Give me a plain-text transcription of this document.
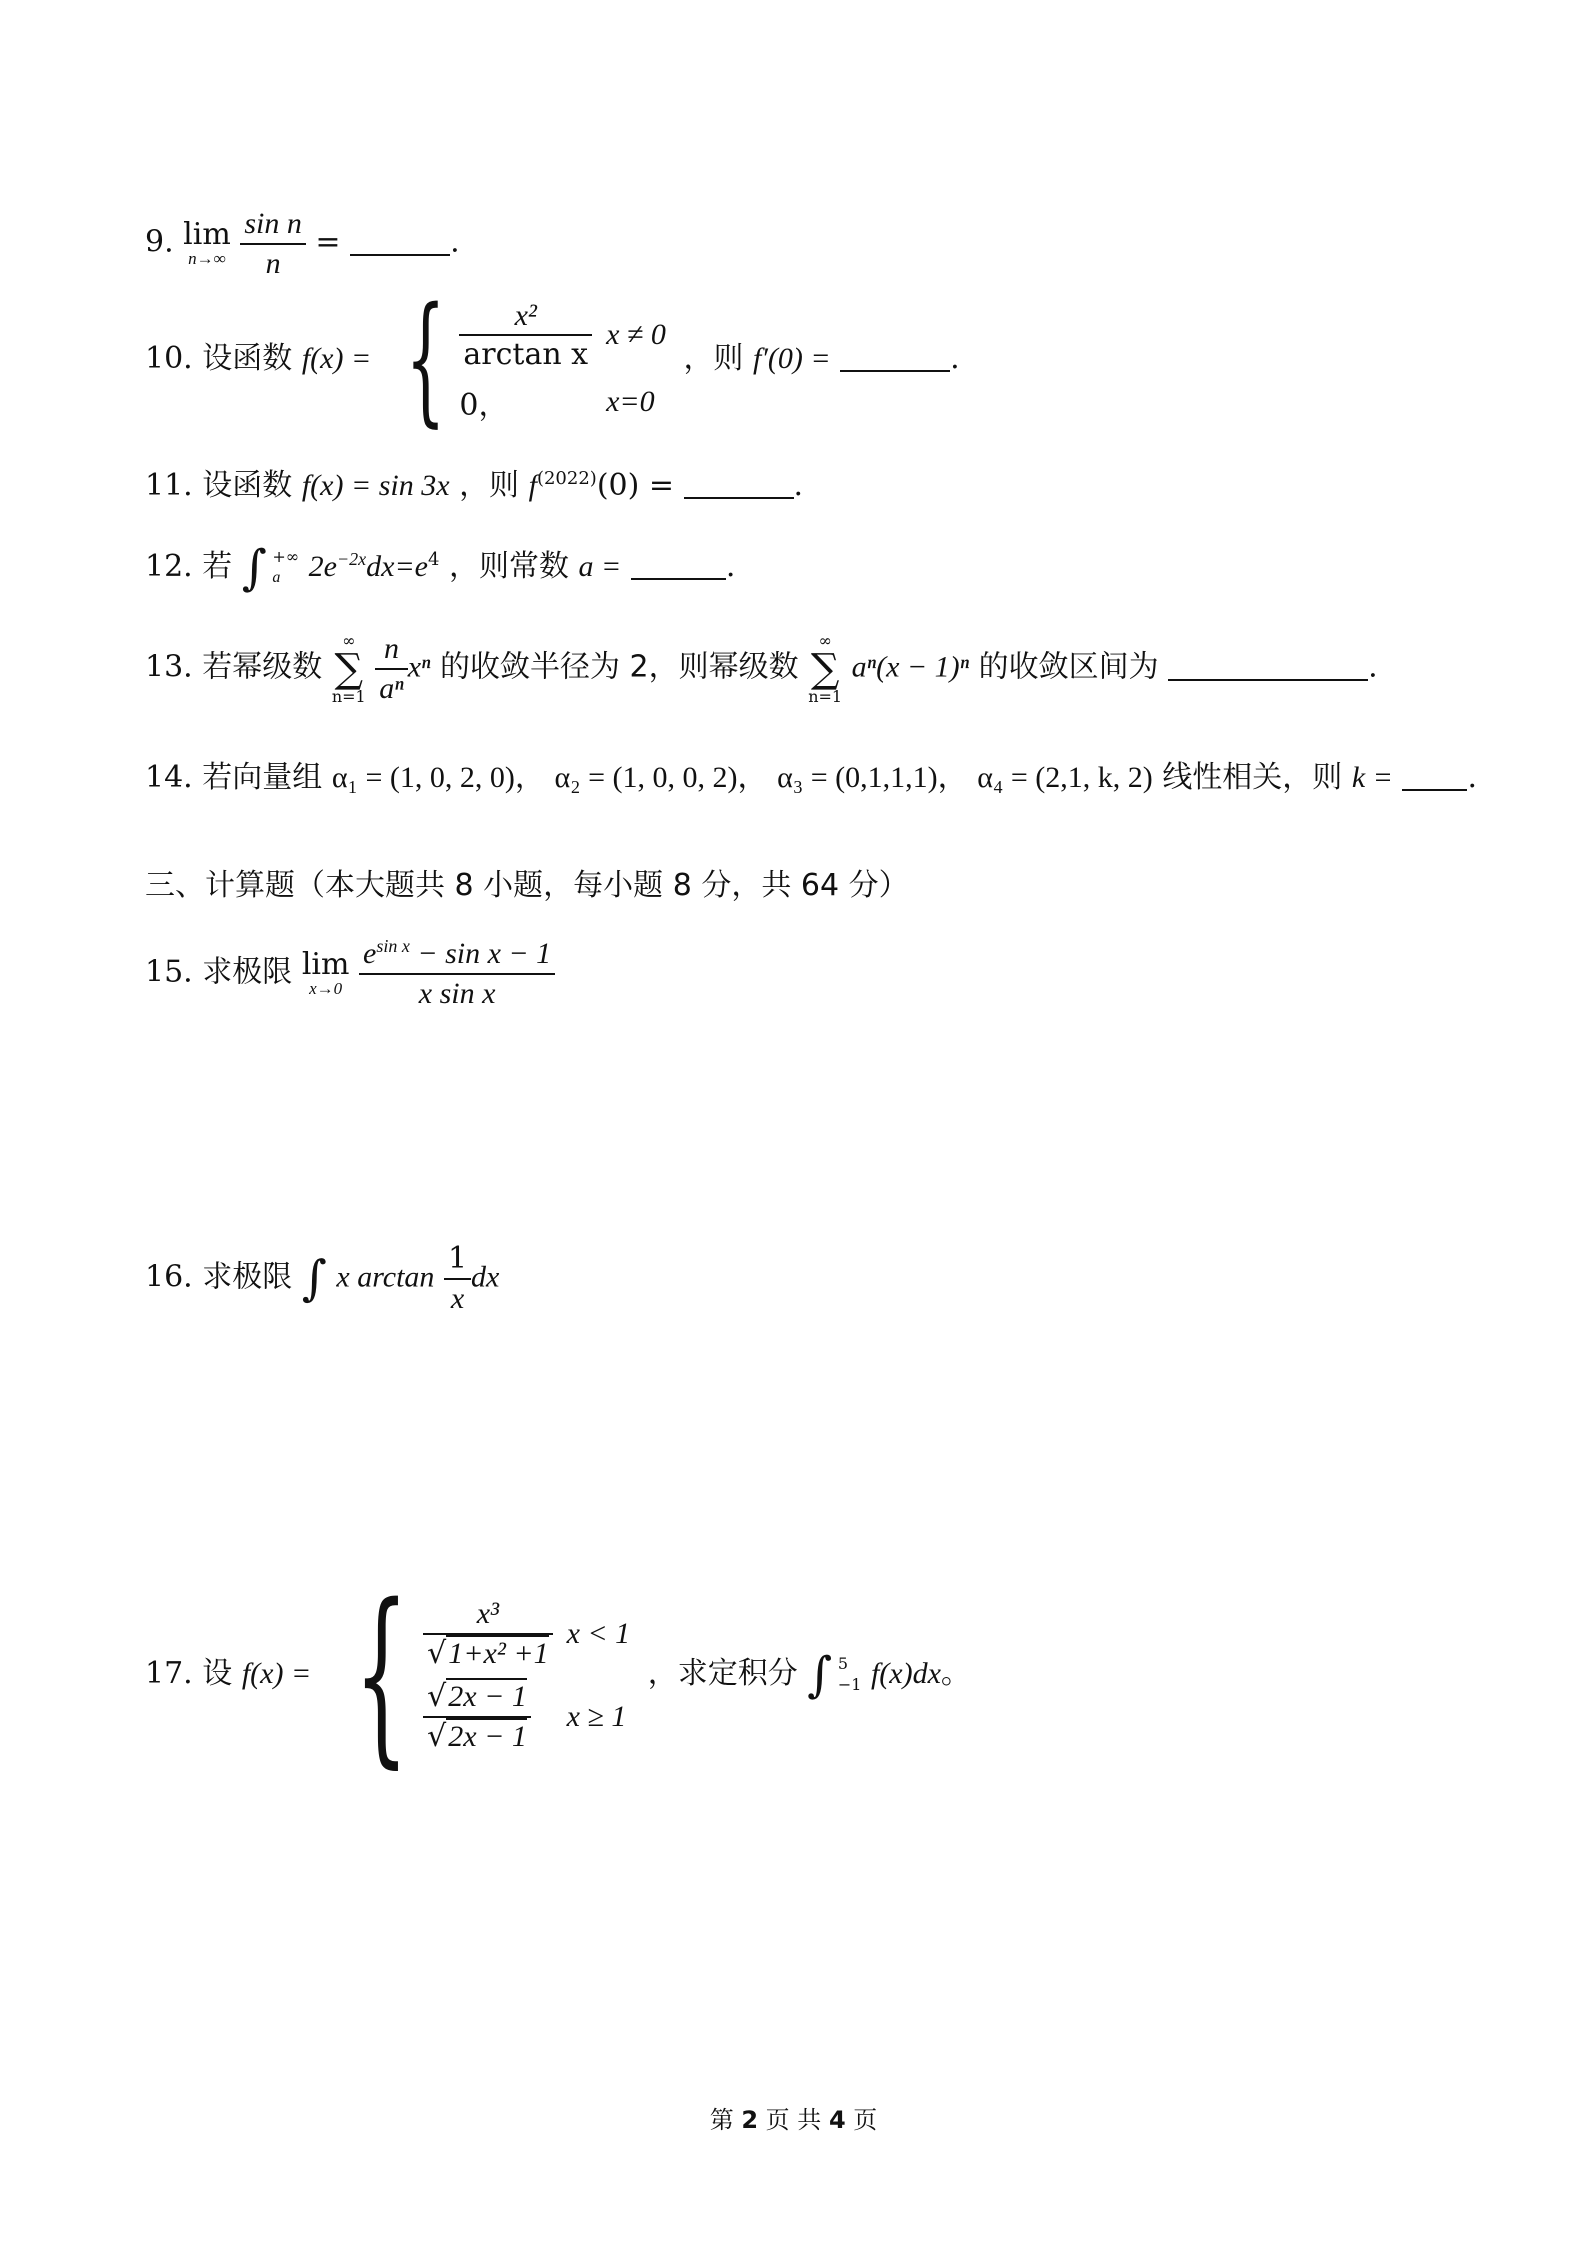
9. lim
n→∞
$\frac{\text{sin n}}{n}$ =	.
10. 设函数 f(x) = { $\frac{\text{x²}}{\text{arctan x}}$	x ≠ 0
0，	x=0 ，则 f′(0) =	.
11. 设函数 f(x) = sin 3x ，则 $f^{(2022)}(0)$ =	.
12. 若 ∫ +∞
a $2e^{-2x}dx=e^4$ ，则常数 a =	.
13. 若幂级数
∞
∑
n=1
$\frac{n}{\text{aⁿ}}$ xⁿ 的收敛半径为 2，则幂级数
∞
∑
n=1
aⁿ(x − 1)ⁿ 的收敛区间为	.
14. 若向量组 α₁ = (1, 0, 2, 0)， α₂ = (1, 0, 0, 2)， α₃ = (0,1,1,1)， α₄ = (2,1, k, 2) 线性相关，则 k = .
三、计算题（本大题共 8 小题，每小题 8 分，共 64 分）
15. 求极限 lim
x→0
$\frac{e^{sin x} - \sin x - 1}{\text{x sin x}}$
16. 求极限 ∫ x $\arctan \frac{1}{x}$ dx
17. 设 f(x) = { $\frac{\text{x³}}{\text{√1+x² +1}}$	x < 1

$\frac{√2x - 1}{√2x - 1}$	x ≥ 1 ，求定积分 ∫ 5
−1 f(x)dx。
第 2 页 共 4 页
